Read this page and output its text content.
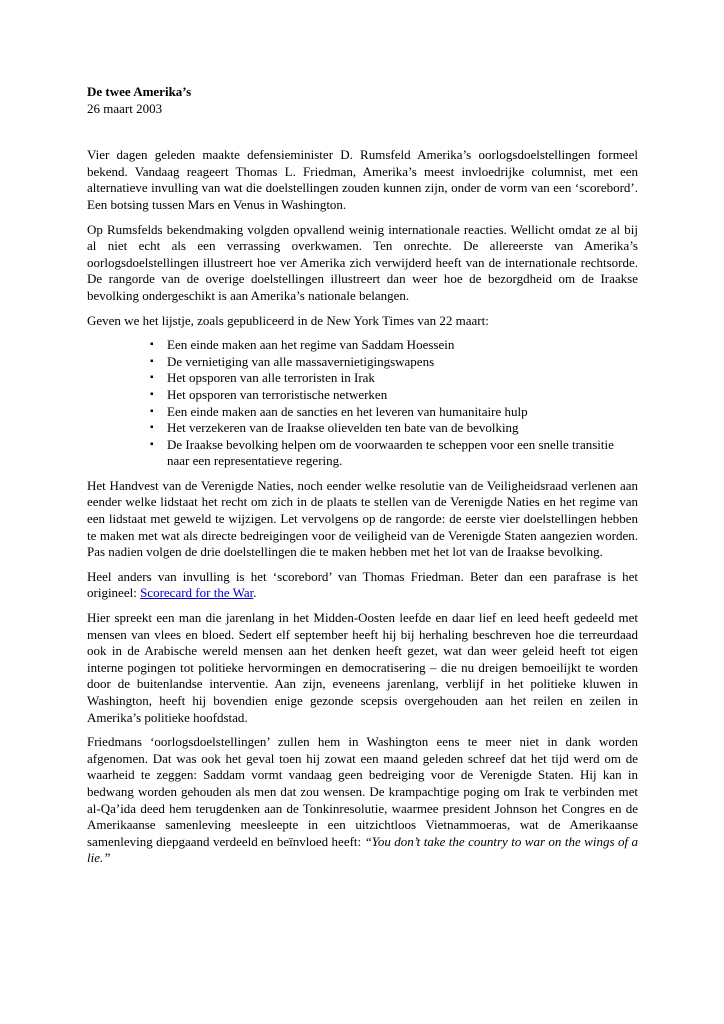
De twee Amerika’s

26 maart 2003

Vier dagen geleden maakte defensieminister D. Rumsfeld Amerika’s oorlogsdoelstellingen formeel bekend. Vandaag reageert Thomas L. Friedman, Amerika’s meest invloedrijke columnist, met een alternatieve invulling van wat die doelstellingen zouden kunnen zijn, onder de vorm van een ‘scorebord’. Een botsing tussen Mars en Venus in Washington.

Op Rumsfelds bekendmaking volgden opvallend weinig internationale reacties. Wellicht omdat ze al bij al niet echt als een verrassing overkwamen. Ten onrechte. De allereerste van Amerika’s oorlogsdoelstellingen illustreert hoe ver Amerika zich verwijderd heeft van de internationale rechtsorde. De rangorde van de overige doelstellingen illustreert dan weer hoe de bezorgdheid om de Iraakse bevolking ondergeschikt is aan Amerika’s nationale belangen.

Geven we het lijstje, zoals gepubliceerd in de New York Times van 22 maart:

▪ Een einde maken aan het regime van Saddam Hoessein
▪ De vernietiging van alle massavernietigingswapens
▪ Het opsporen van alle terroristen in Irak
▪ Het opsporen van terroristische netwerken
▪ Een einde maken aan de sancties en het leveren van humanitaire hulp
▪ Het verzekeren van de Iraakse olievelden ten bate van de bevolking
▪ De Iraakse bevolking helpen om de voorwaarden te scheppen voor een snelle transitie naar een representatieve regering.

Het Handvest van de Verenigde Naties, noch eender welke resolutie van de Veiligheidsraad verlenen aan eender welke lidstaat het recht om zich in de plaats te stellen van de Verenigde Naties en het regime van een lidstaat met geweld te wijzigen. Let vervolgens op de rangorde: de eerste vier doelstellingen hebben te maken met wat als directe bedreigingen voor de veiligheid van de Verenigde Staten aangezien worden. Pas nadien volgen de drie doelstellingen die te maken hebben met het lot van de Iraakse bevolking.

Heel anders van invulling is het ‘scorebord’ van Thomas Friedman. Beter dan een parafrase is het origineel: Scorecard for the War.

Hier spreekt een man die jarenlang in het Midden-Oosten leefde en daar lief en leed heeft gedeeld met mensen van vlees en bloed. Sedert elf september heeft hij bij herhaling beschreven hoe die terreurdaad ook in de Arabische wereld mensen aan het denken heeft gezet, wat dan weer geleid heeft tot eigen interne pogingen tot politieke hervormingen en democratisering – die nu dreigen bemoeilijkt te worden door de buitenlandse interventie. Aan zijn, eveneens jarenlang, verblijf in het politieke kluwen in Washington, heeft hij bovendien enige gezonde scepsis overgehouden aan het reilen en zeilen in Amerika’s politieke hoofdstad.

Friedmans ‘oorlogsdoelstellingen’ zullen hem in Washington eens te meer niet in dank worden afgenomen. Dat was ook het geval toen hij zowat een maand geleden schreef dat het tijd werd om de waarheid te zeggen: Saddam vormt vandaag geen bedreiging voor de Verenigde Staten. Hij kan in bedwang worden gehouden als men dat zou wensen. De krampachtige poging om Irak te verbinden met al-Qa’ida deed hem terugdenken aan de Tonkinresolutie, waarmee president Johnson het Congres en de Amerikaanse samenleving meesleepte in een uitzichtloos Vietnammoeras, wat de Amerikaanse samenleving diepgaand verdeeld en beïnvloed heeft: “You don’t take the country to war on the wings of a lie.”
